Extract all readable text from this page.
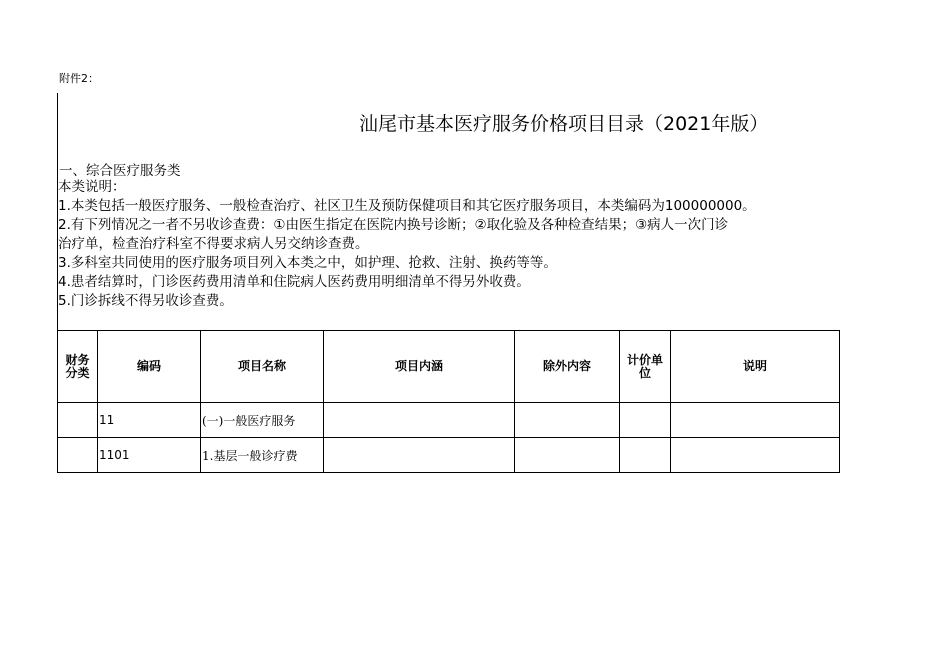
附件2：
汕尾市基本医疗服务价格项目目录（2021年版）
一、综合医疗服务类
本类说明：
1.本类包括一般医疗服务、一般检查治疗、社区卫生及预防保健项目和其它医疗服务项目，本类编码为100000000。
2.有下列情况之一者不另收诊查费：①由医生指定在医院内换号诊断；②取化验及各种检查结果；③病人一次门诊
治疗单，检查治疗科室不得要求病人另交纳诊查费。
3.多科室共同使用的医疗服务项目列入本类之中，如护理、抢救、注射、换药等等。
4.患者结算时，门诊医药费用清单和住院病人医药费用明细清单不得另外收费。
5.门诊拆线不得另收诊查费。
财务分类	编码	项目名称	项目内涵	除外内容	计价单位	说明
	11	(一)一般医疗服务				
	1101	1.基层一般诊疗费				
